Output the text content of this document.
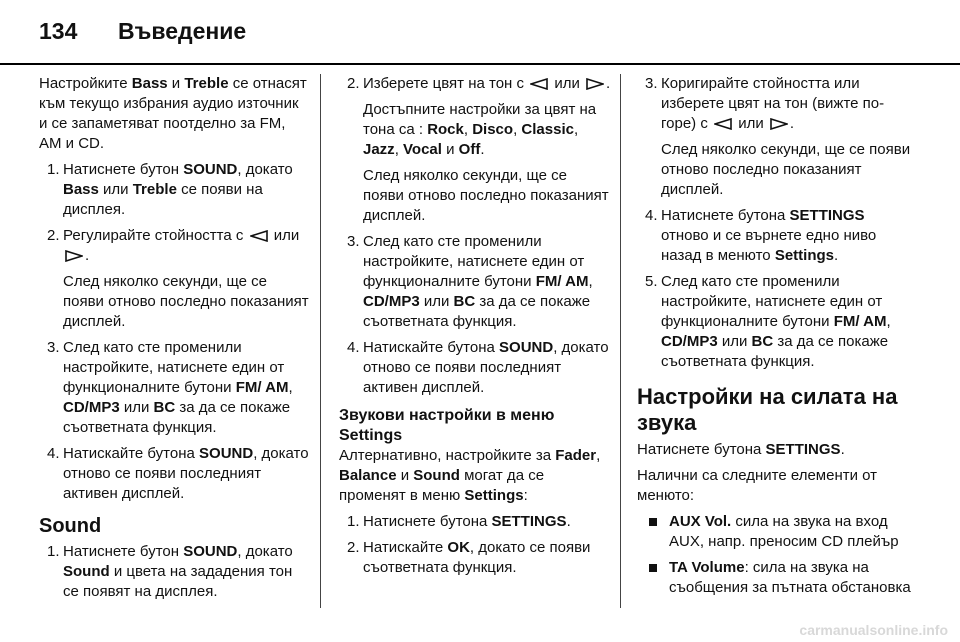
134 Въведение

Настройките Bass и Treble се отнасят към текущо избрания аудио източник и се запаметяват поотделно за FM, AM и CD.

1. Натиснете бутон SOUND, докато Bass или Treble се появи на дисплея.
2. Регулирайте стойността с или .
След няколко секунди, ще се появи отново последно показаният дисплей.
3. След като сте променили настройките, натиснете един от функционалните бутони FM/ AM, CD/MP3 или BC за да се покаже съответната функция.
4. Натискайте бутона SOUND, докато отново се появи последният активен дисплей.
Sound
1. Натиснете бутон SOUND, докато Sound и цвета на зададения тон се появят на дисплея.
2. Изберете цвят на тон с или .
Достъпните настройки за цвят на тона са : Rock, Disco, Classic, Jazz, Vocal и Off.
След няколко секунди, ще се появи отново последно показаният дисплей.
3. След като сте променили настройките, натиснете един от функционалните бутони FM/ AM, CD/MP3 или BC за да се покаже съответната функция.
4. Натискайте бутона SOUND, докато отново се появи последният активен дисплей.
Звукови настройки в меню Settings

Алтернативно, настройките за Fader, Balance и Sound могат да се променят в меню Settings:

1. Натиснете бутона SETTINGS.
2. Натискайте OK, докато се появи съответната функция.
3. Коригирайте стойността или изберете цвят на тон (вижте по-горе) с или .
След няколко секунди, ще се появи отново последно показаният дисплей.
4. Натиснете бутона SETTINGS отново и се върнете едно ниво назад в менюто Settings.
5. След като сте променили настройките, натиснете един от функционалните бутони FM/ AM, CD/MP3 или BC за да се покаже съответната функция.
Настройки на силата на звука

Натиснете бутона SETTINGS.

Налични са следните елементи от менюто:

AUX Vol. сила на звука на вход AUX, напр. преносим CD плейър
TA Volume: сила на звука на съобщения за пътната обстановка
carmanualsonline.info
